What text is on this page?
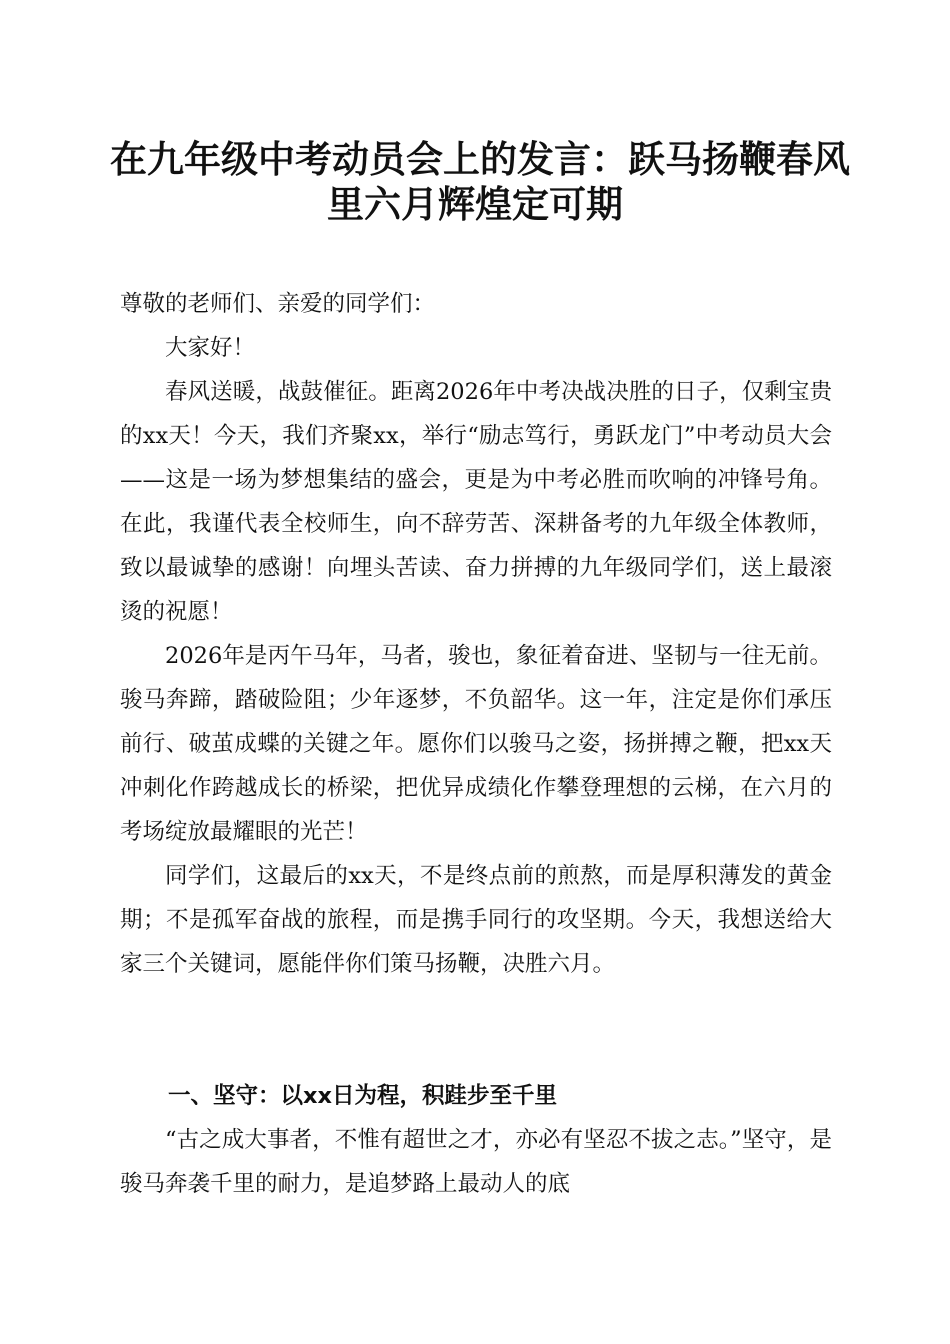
在九年级中考动员会上的发言：跃马扬鞭春风
里六月辉煌定可期

尊敬的老师们、亲爱的同学们：

大家好！

春风送暖，战鼓催征。距离2026年中考决战决胜的日子，仅剩宝贵的xx天！今天，我们齐聚xx，举行“励志笃行，勇跃龙门”中考动员大会——这是一场为梦想集结的盛会，更是为中考必胜而吹响的冲锋号角。在此，我谨代表全校师生，向不辞劳苦、深耕备考的九年级全体教师，致以最诚挚的感谢！向埋头苦读、奋力拼搏的九年级同学们，送上最滚烫的祝愿！

2026年是丙午马年，马者，骏也，象征着奋进、坚韧与一往无前。骏马奔蹄，踏破险阻；少年逐梦，不负韶华。这一年，注定是你们承压前行、破茧成蝶的关键之年。愿你们以骏马之姿，扬拼搏之鞭，把xx天冲刺化作跨越成长的桥梁，把优异成绩化作攀登理想的云梯，在六月的考场绽放最耀眼的光芒！

同学们，这最后的xx天，不是终点前的煎熬，而是厚积薄发的黄金期；不是孤军奋战的旅程，而是携手同行的攻坚期。今天，我想送给大家三个关键词，愿能伴你们策马扬鞭，决胜六月。

一、坚守：以xx日为程，积跬步至千里

“古之成大事者，不惟有超世之才，亦必有坚忍不拔之志。”坚守，是骏马奔袭千里的耐力，是追梦路上最动人的底
